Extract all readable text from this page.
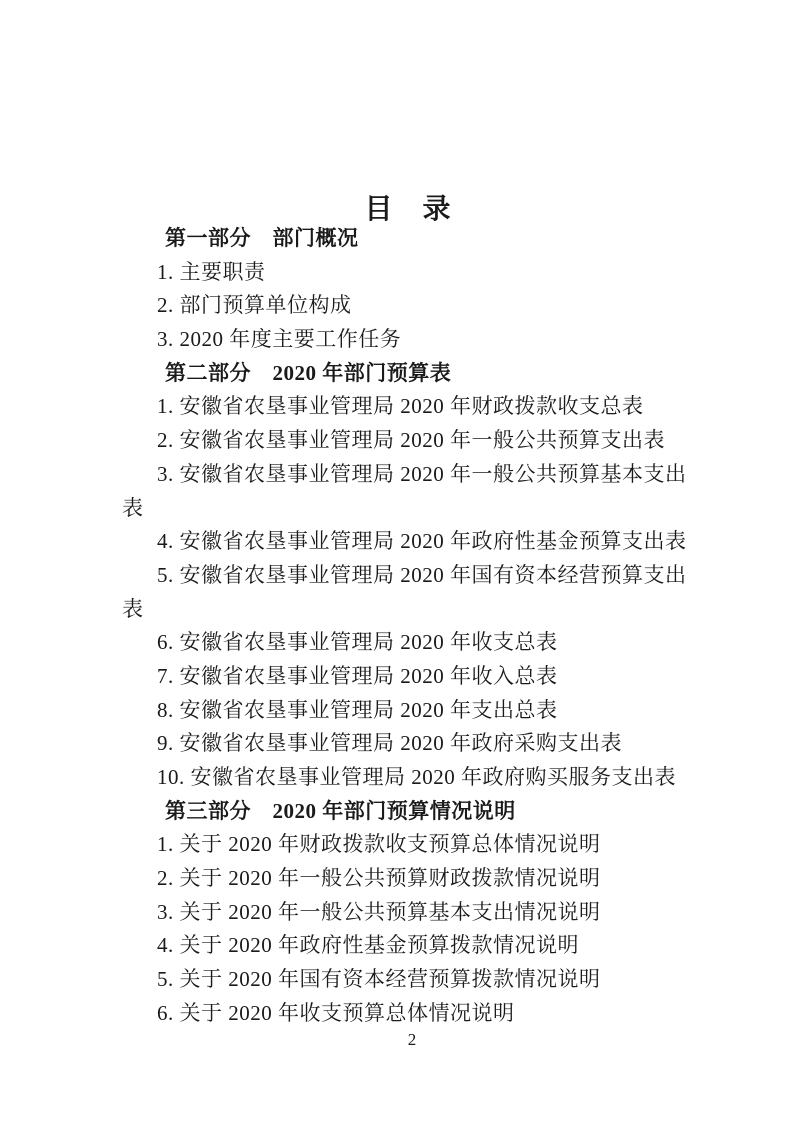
目　录
第一部分　部门概况
1. 主要职责
2. 部门预算单位构成
3. 2020 年度主要工作任务
第二部分　2020 年部门预算表
1. 安徽省农垦事业管理局 2020 年财政拨款收支总表
2. 安徽省农垦事业管理局 2020 年一般公共预算支出表
3. 安徽省农垦事业管理局 2020 年一般公共预算基本支出
表
4. 安徽省农垦事业管理局 2020 年政府性基金预算支出表
5. 安徽省农垦事业管理局 2020 年国有资本经营预算支出
表
6. 安徽省农垦事业管理局 2020 年收支总表
7. 安徽省农垦事业管理局 2020 年收入总表
8. 安徽省农垦事业管理局 2020 年支出总表
9. 安徽省农垦事业管理局 2020 年政府采购支出表
10. 安徽省农垦事业管理局 2020 年政府购买服务支出表
第三部分　2020 年部门预算情况说明
1. 关于 2020 年财政拨款收支预算总体情况说明
2. 关于 2020 年一般公共预算财政拨款情况说明
3. 关于 2020 年一般公共预算基本支出情况说明
4. 关于 2020 年政府性基金预算拨款情况说明
5. 关于 2020 年国有资本经营预算拨款情况说明
6. 关于 2020 年收支预算总体情况说明
2
